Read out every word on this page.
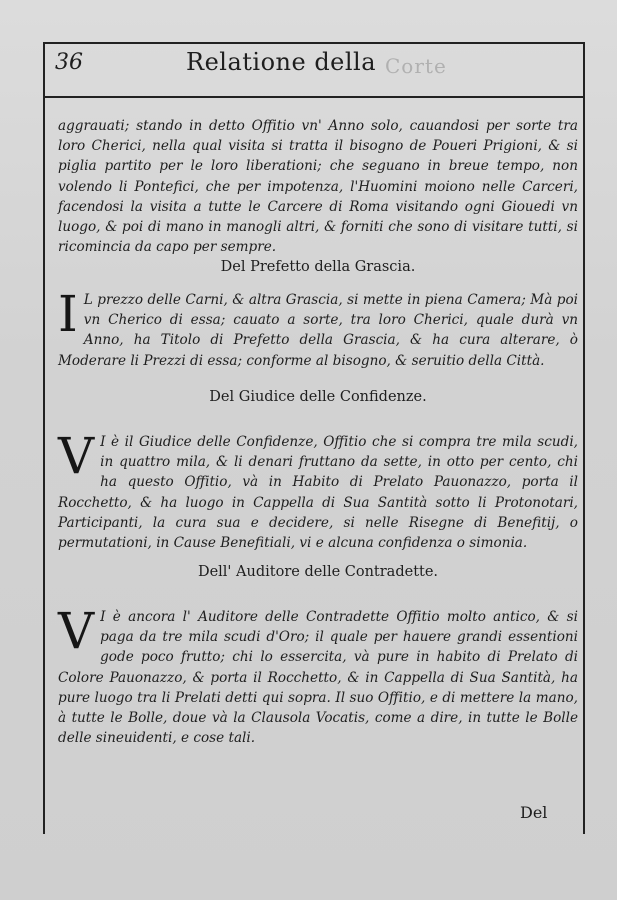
36	Relatione della Corte
aggrauati; stando in detto Offitio vn' Anno solo, cauandosi per sorte tra loro Cherici, nella qual visita si tratta il bisogno de Poueri Prigioni, & si piglia partito per le loro liberationi; che seguano in breue tempo, non volendo li Pontefici, che per impotenza, l'Huomini moiono nelle Carceri, facendosi la visita a tutte le Carcere di Roma visitando ogni Giouedi vn luogo, & poi di mano in manogli altri, & forniti che sono di visitare tutti, si ricomincia da capo per sempre.
Del Prefetto della Grascia.
I L prezzo delle Carni, & altra Grascia, si mette in piena Camera; Mà poi vn Cherico di essa; cauato a sorte, tra loro Cherici, quale durà vn Anno, ha Titolo di Prefetto della Grascia, & ha cura alterare, ò Moderare li Prezzi di essa; conforme al bisogno, & seruitio della Città.
Del Giudice delle Confidenze.
V I è il Giudice delle Confidenze, Offitio che si compra tre mila scudi, in quattro mila, & li denari fruttano da sette, in otto per cento, chi ha questo Offitio, và in Habito di Prelato Pauonazzo, porta il Rocchetto, & ha luogo in Cappella di Sua Santità sotto li Protonotari, Participanti, la cura sua e decidere, si nelle Risegne di Benefitij, o permutationi, in Cause Benefitiali, vi e alcuna confidenza o simonia.
Dell' Auditore delle Contradette.
V I è ancora l' Auditore delle Contradette Offitio molto antico, & si paga da tre mila scudi d'Oro; il quale per hauere grandi essentioni gode poco frutto; chi lo essercita, và pure in habito di Prelato di Colore Pauonazzo, & porta il Rocchetto, & in Cappella di Sua Santità, ha pure luogo tra li Prelati detti qui sopra. Il suo Offitio, e di mettere la mano, à tutte le Bolle, doue và la Clausola Vocatis, come a dire, in tutte le Bolle delle sineuidenti, e cose tali.
Del
